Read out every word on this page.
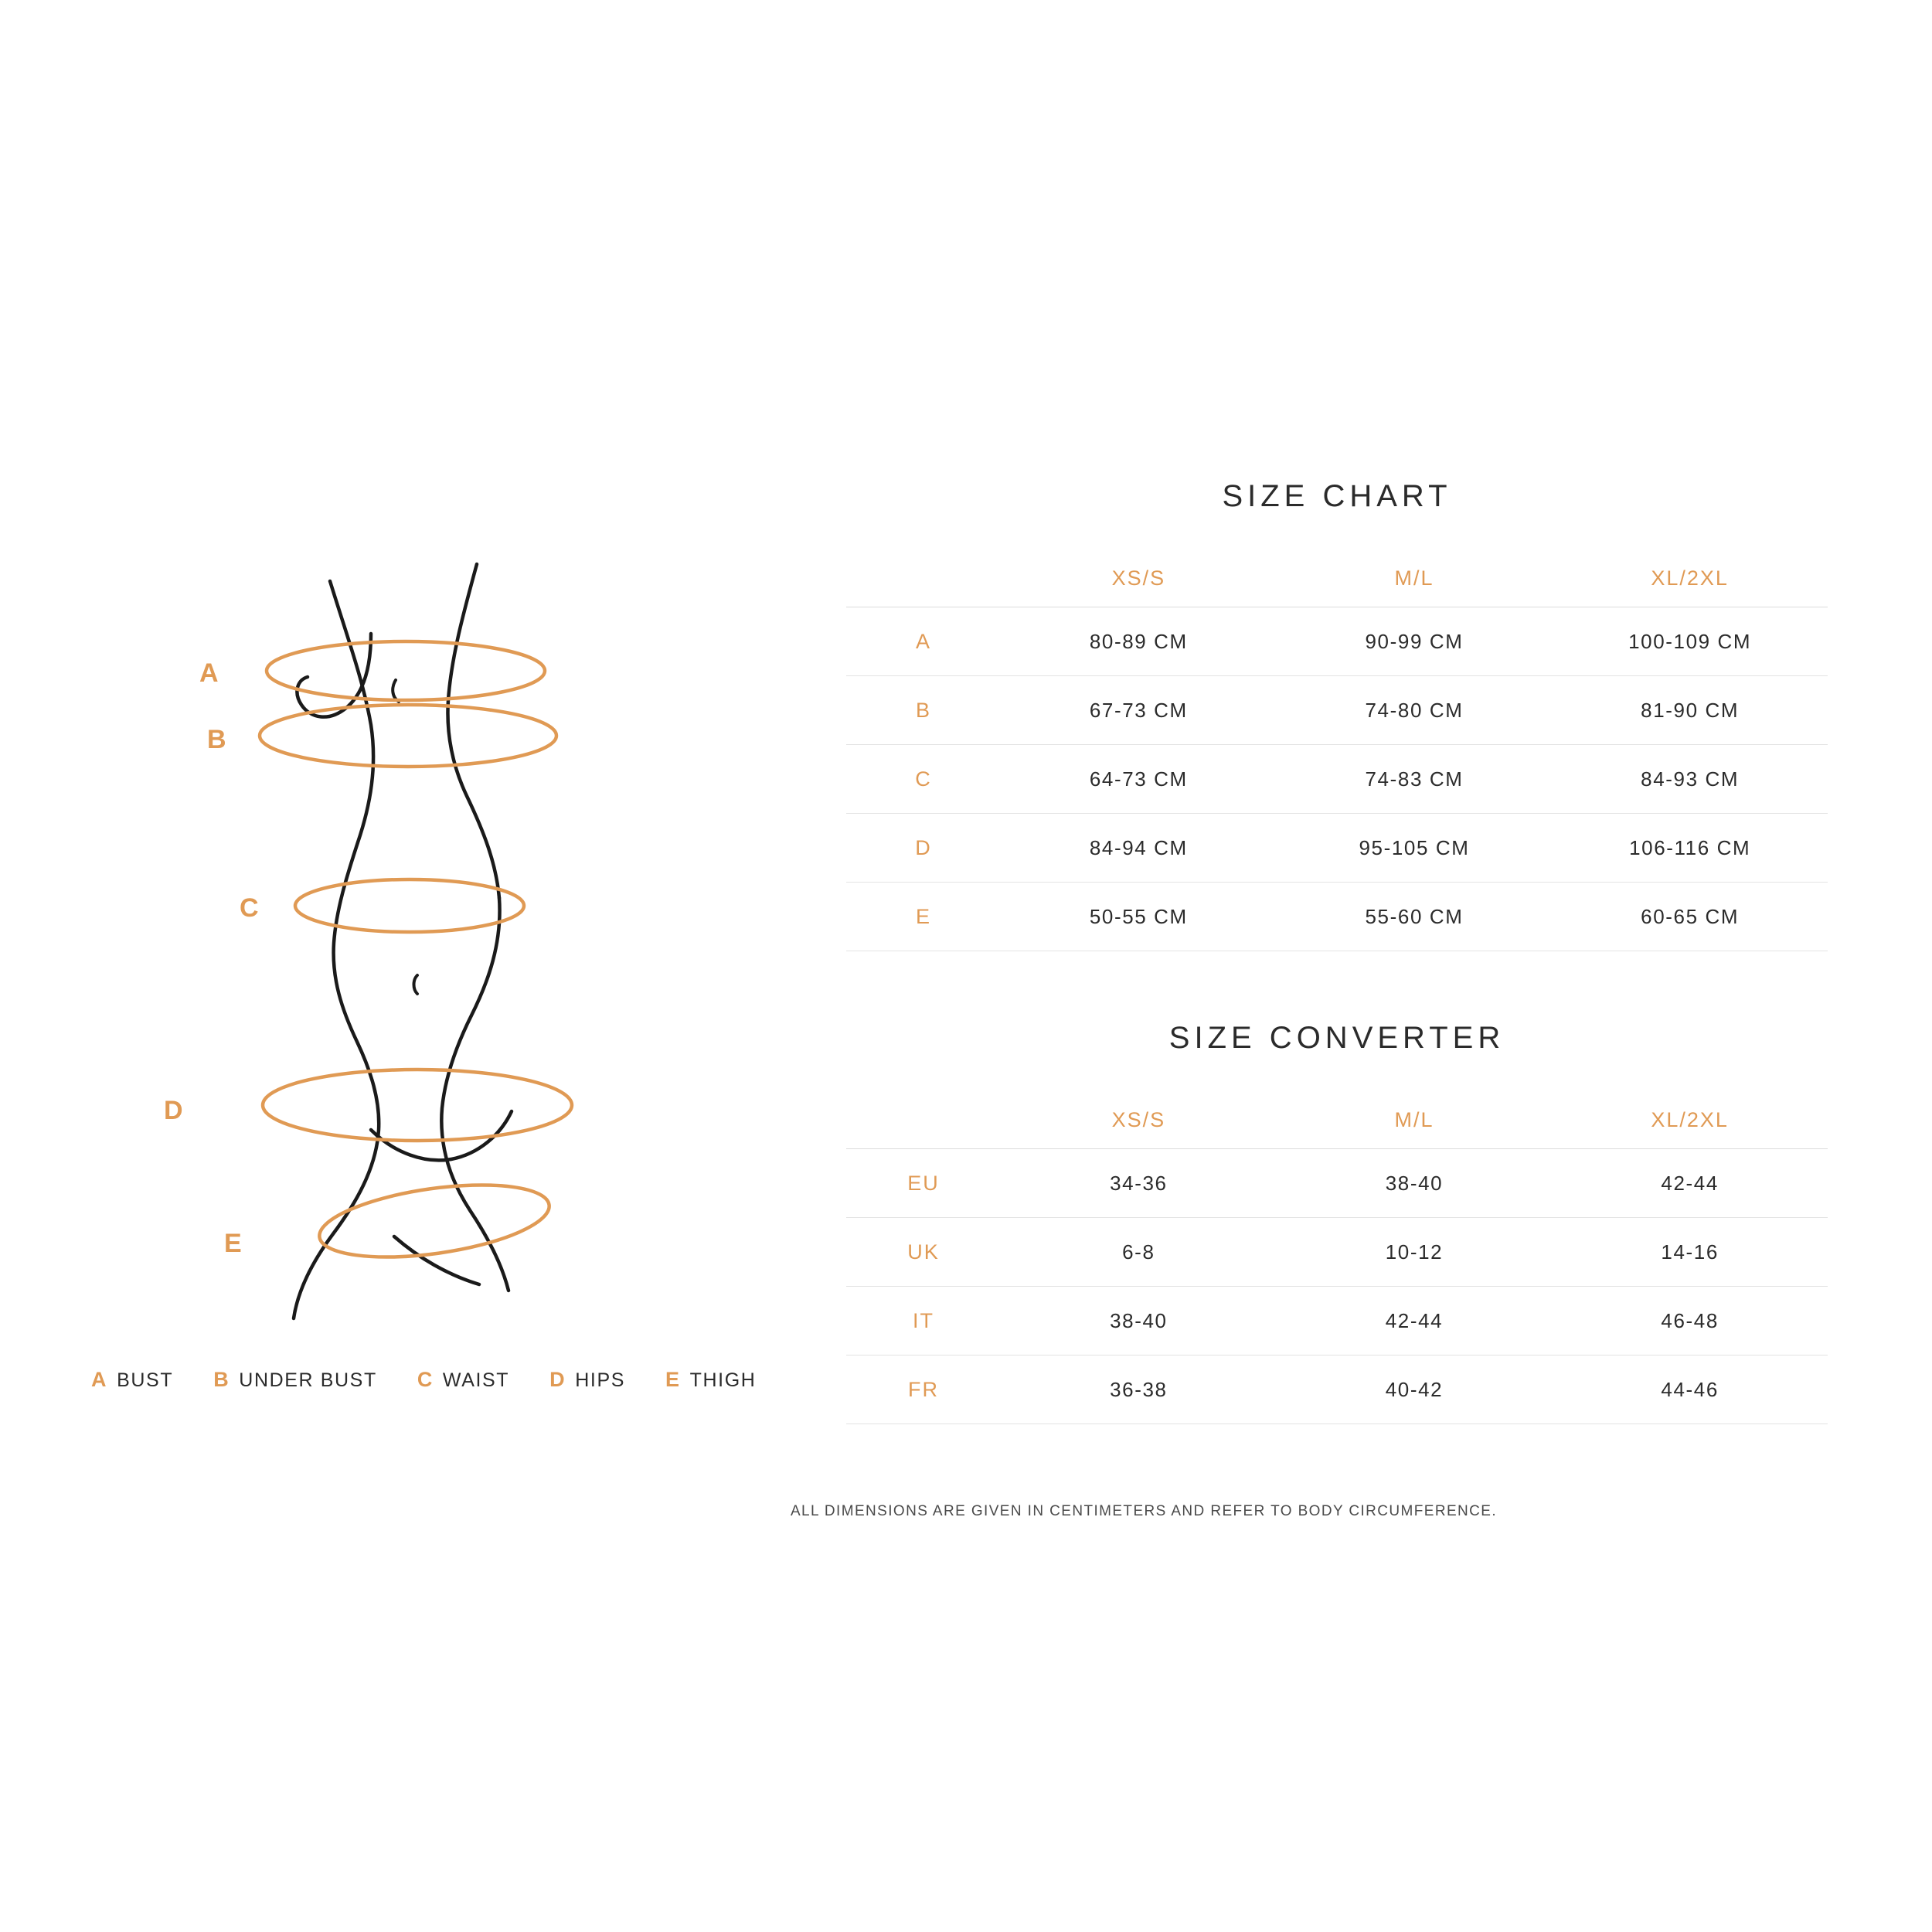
A
B
C
D
E
A BUST B UNDER BUST C WAIST D HIPS E THIGH
SIZE CHART
	XS/S	M/L	XL/2XL
A	80-89 CM	90-99 CM	100-109 CM
B	67-73 CM	74-80 CM	81-90 CM
C	64-73 CM	74-83 CM	84-93 CM
D	84-94 CM	95-105 CM	106-116 CM
E	50-55 CM	55-60 CM	60-65 CM
SIZE CONVERTER
	XS/S	M/L	XL/2XL
EU	34-36	38-40	42-44
UK	6-8	10-12	14-16
IT	38-40	42-44	46-48
FR	36-38	40-42	44-46
ALL DIMENSIONS ARE GIVEN IN CENTIMETERS AND REFER TO BODY CIRCUMFERENCE.
